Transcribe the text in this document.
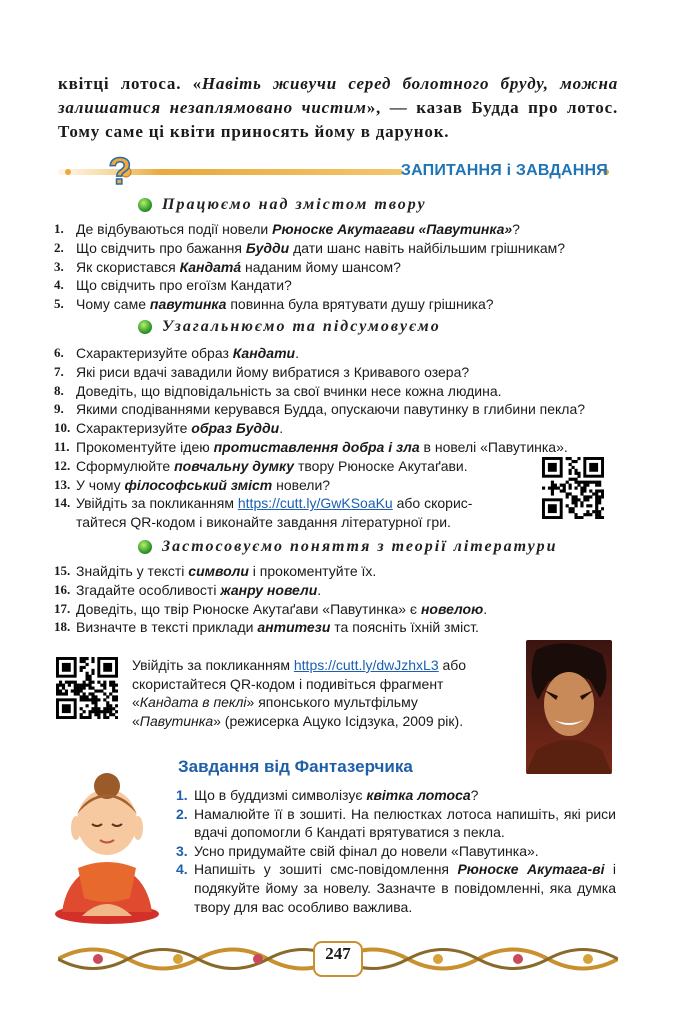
квітці лотоса. «Навіть живучи серед болотного бруду, можна залишатися незаплямовано чистим», — казав Будда про лотос. Тому саме ці квіти приносять йому в дарунок.
?	ЗАПИТАННЯ і ЗАВДАННЯ
Працюємо над змістом твору
1. Де відбуваються події новели Рюноске Акутагави «Павутинка»?
2. Що свідчить про бажання Будди дати шанс навіть найбільшим грішникам?
3. Як скористався Кандата́ наданим йому шансом?
4. Що свідчить про егоїзм Кандати?
5. Чому саме павутинка повинна була врятувати душу грішника?
Узагальнюємо та підсумовуємо
6. Схарактеризуйте образ Кандати.
7. Які риси вдачі завадили йому вибратися з Кривавого озера?
8. Доведіть, що відповідальність за свої вчинки несе кожна людина.
9. Якими сподіваннями керувався Будда, опускаючи павутинку в глибини пекла?
10. Схарактеризуйте образ Будди.
11. Прокоментуйте ідею протиставлення добра і зла в новелі «Павутинка».
12. Сформулюйте повчальну думку твору Рюноске Акутаґави.
13. У чому філософський зміст новели?
14. Увійдіть за покликанням https://cutt.ly/GwKSoaKu або скорис-
тайтеся QR-кодом і виконайте завдання літературної гри.
Застосовуємо поняття з теорії літератури
15. Знайдіть у тексті символи і прокоментуйте їх.
16. Згадайте особливості жанру новели.
17. Доведіть, що твір Рюноске Акутаґави «Павутинка» є новелою.
18. Визначте в тексті приклади антитези та поясніть їхній зміст.
Увійдіть за покликанням https://cutt.ly/dwJzhxL3 або скористайтеся QR-кодом і подивіться фрагмент «Кандата в пеклі» японського мультфільму «Павутинка» (режисерка Ацуко Ісідзука, 2009 рік).
Завдання від Фантазерчика
1. Що в буддизмі символізує квітка лотоса?
2. Намалюйте її в зошиті. На пелюстках лотоса напишіть, які риси вдачі допомогли б Кандаті врятуватися з пекла.
3. Усно придумайте свій фінал до новели «Павутинка».
4. Напишіть у зошиті смс-повідомлення Рюноске Акутага-ві і подякуйте йому за новелу. Зазначте в повідомленні, яка думка твору для вас особливо важлива.
247
